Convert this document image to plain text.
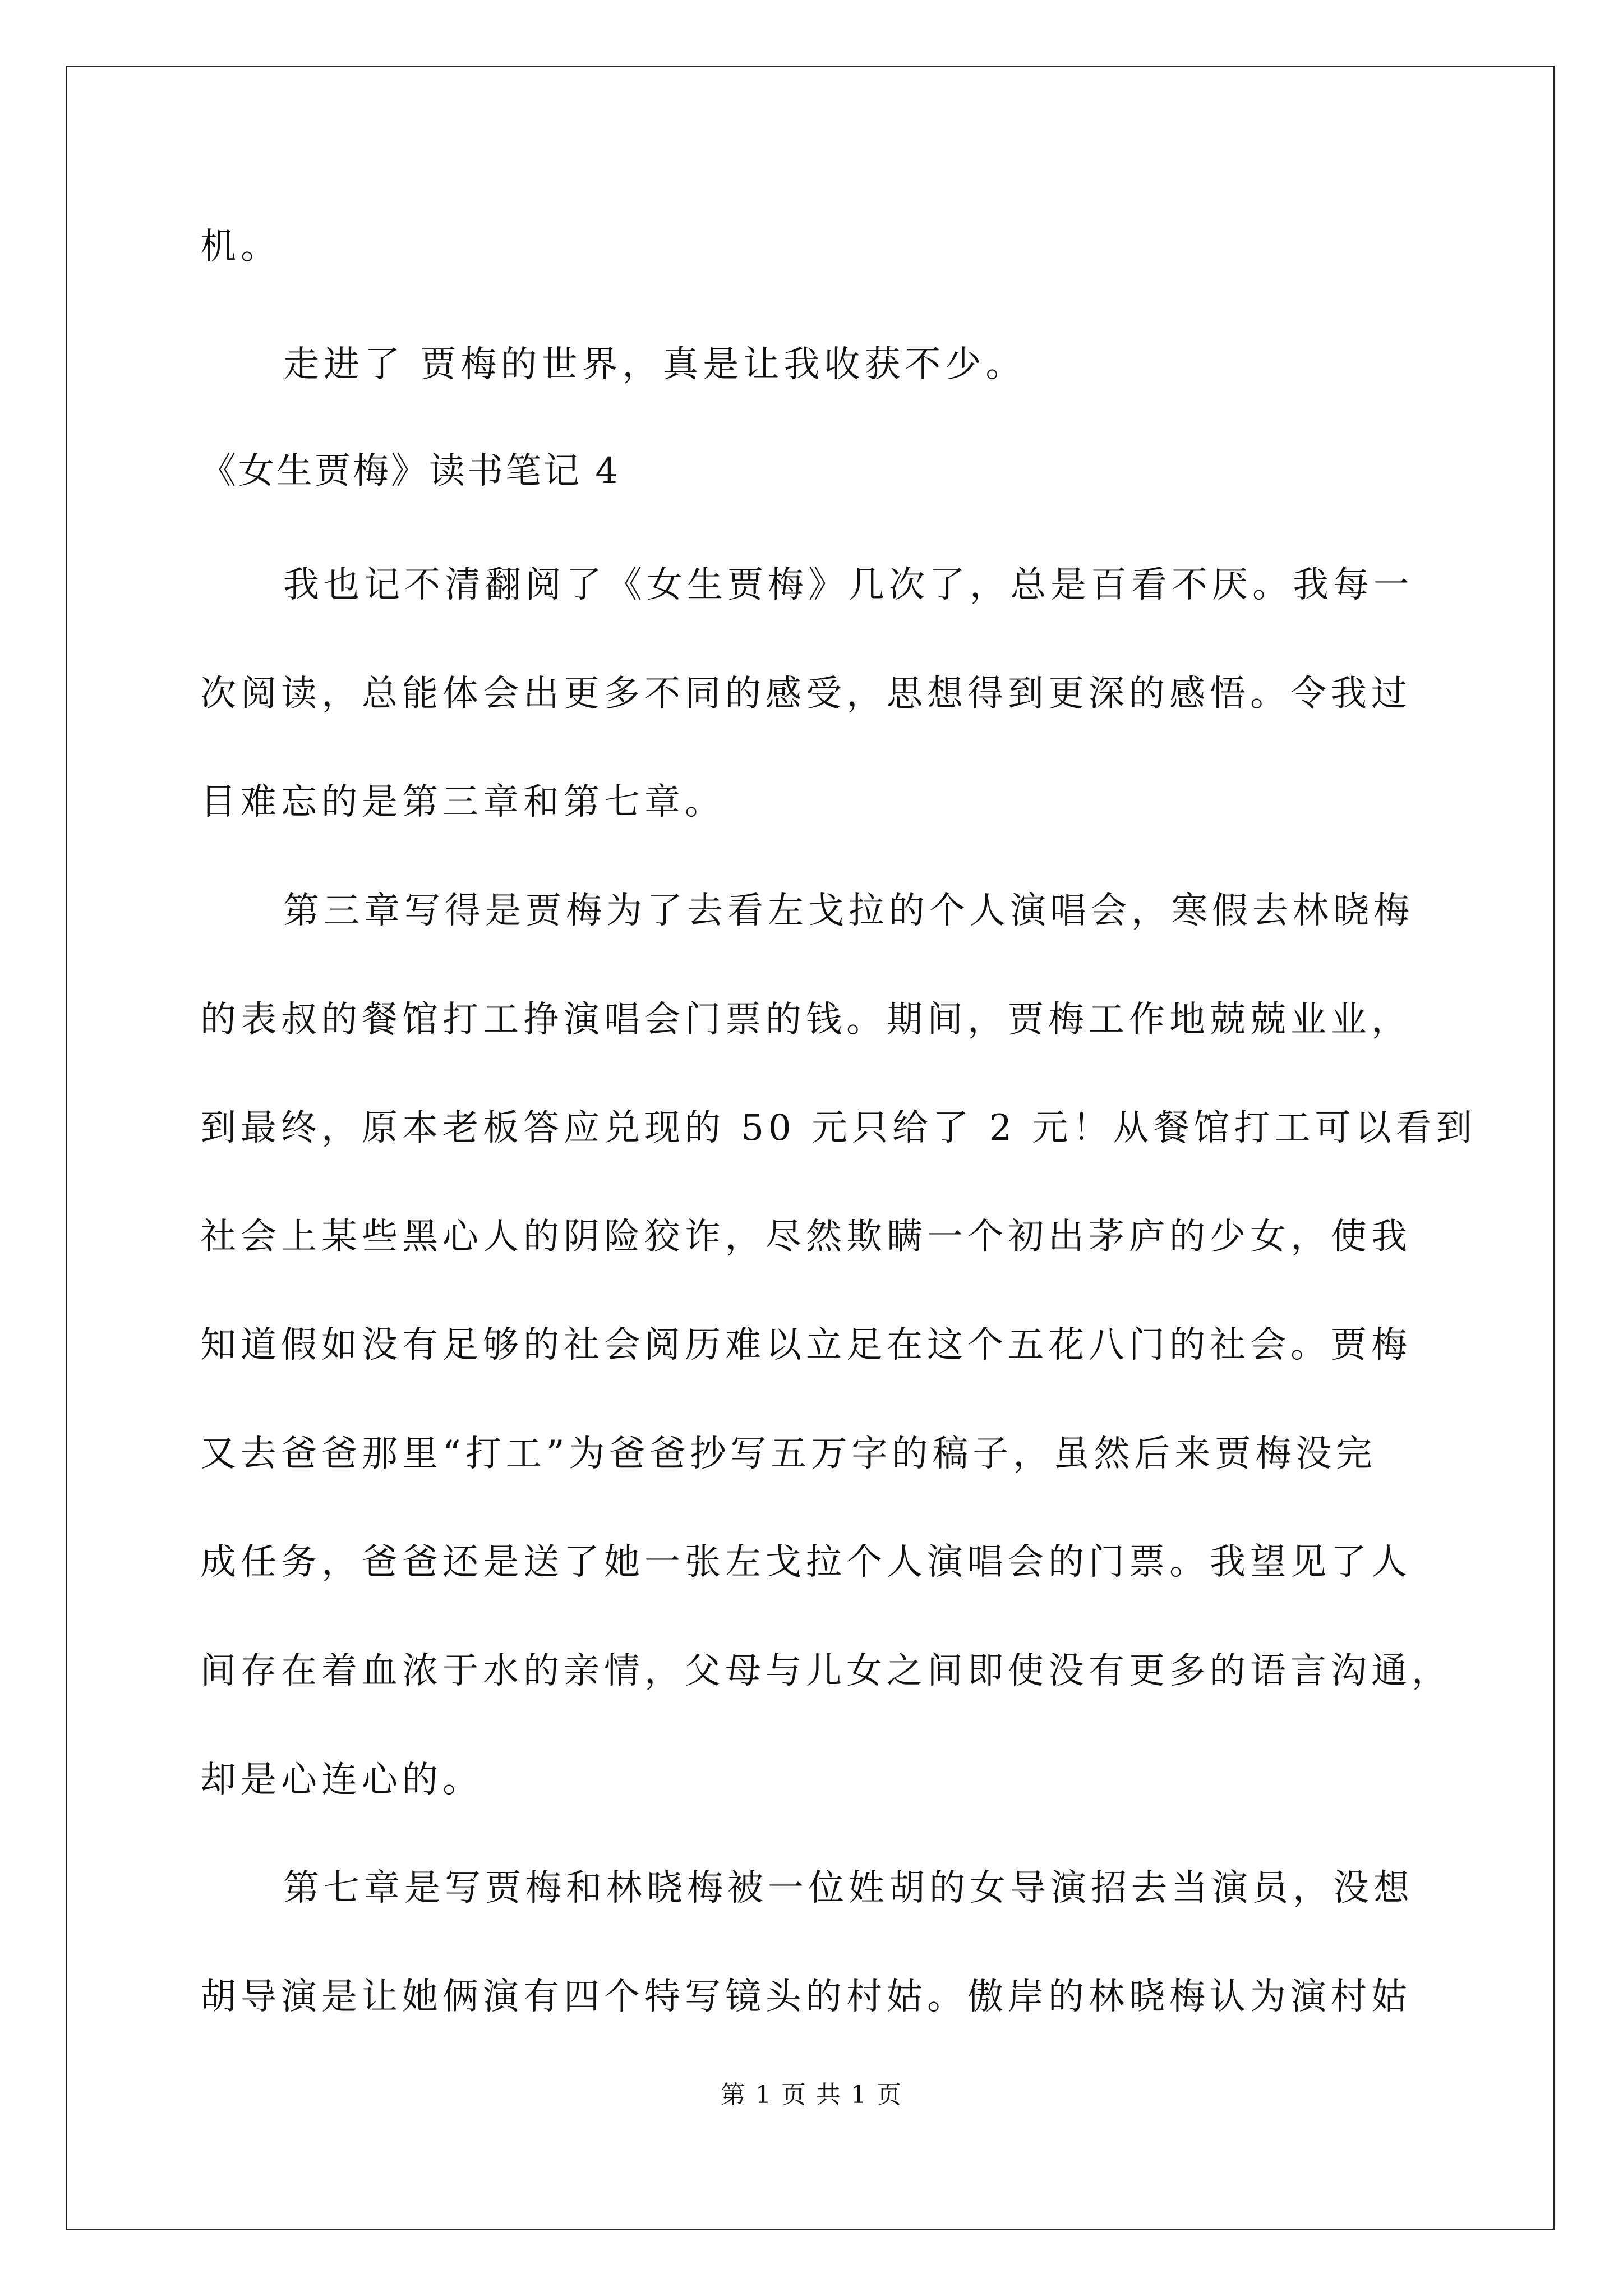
机。
走进了 贾梅的世界，真是让我收获不少。
《女生贾梅》读书笔记 4
我也记不清翻阅了《女生贾梅》几次了，总是百看不厌。我每一
次阅读，总能体会出更多不同的感受，思想得到更深的感悟。令我过
目难忘的是第三章和第七章。
第三章写得是贾梅为了去看左戈拉的个人演唱会，寒假去林晓梅
的表叔的餐馆打工挣演唱会门票的钱。期间，贾梅工作地兢兢业业，
到最终，原本老板答应兑现的 50 元只给了 2 元！从餐馆打工可以看到
社会上某些黑心人的阴险狡诈，尽然欺瞒一个初出茅庐的少女，使我
知道假如没有足够的社会阅历难以立足在这个五花八门的社会。贾梅
又去爸爸那里“打工”为爸爸抄写五万字的稿子，虽然后来贾梅没完
成任务，爸爸还是送了她一张左戈拉个人演唱会的门票。我望见了人
间存在着血浓于水的亲情，父母与儿女之间即使没有更多的语言沟通，
却是心连心的。
第七章是写贾梅和林晓梅被一位姓胡的女导演招去当演员，没想
胡导演是让她俩演有四个特写镜头的村姑。傲岸的林晓梅认为演村姑
第 1 页 共 1 页
